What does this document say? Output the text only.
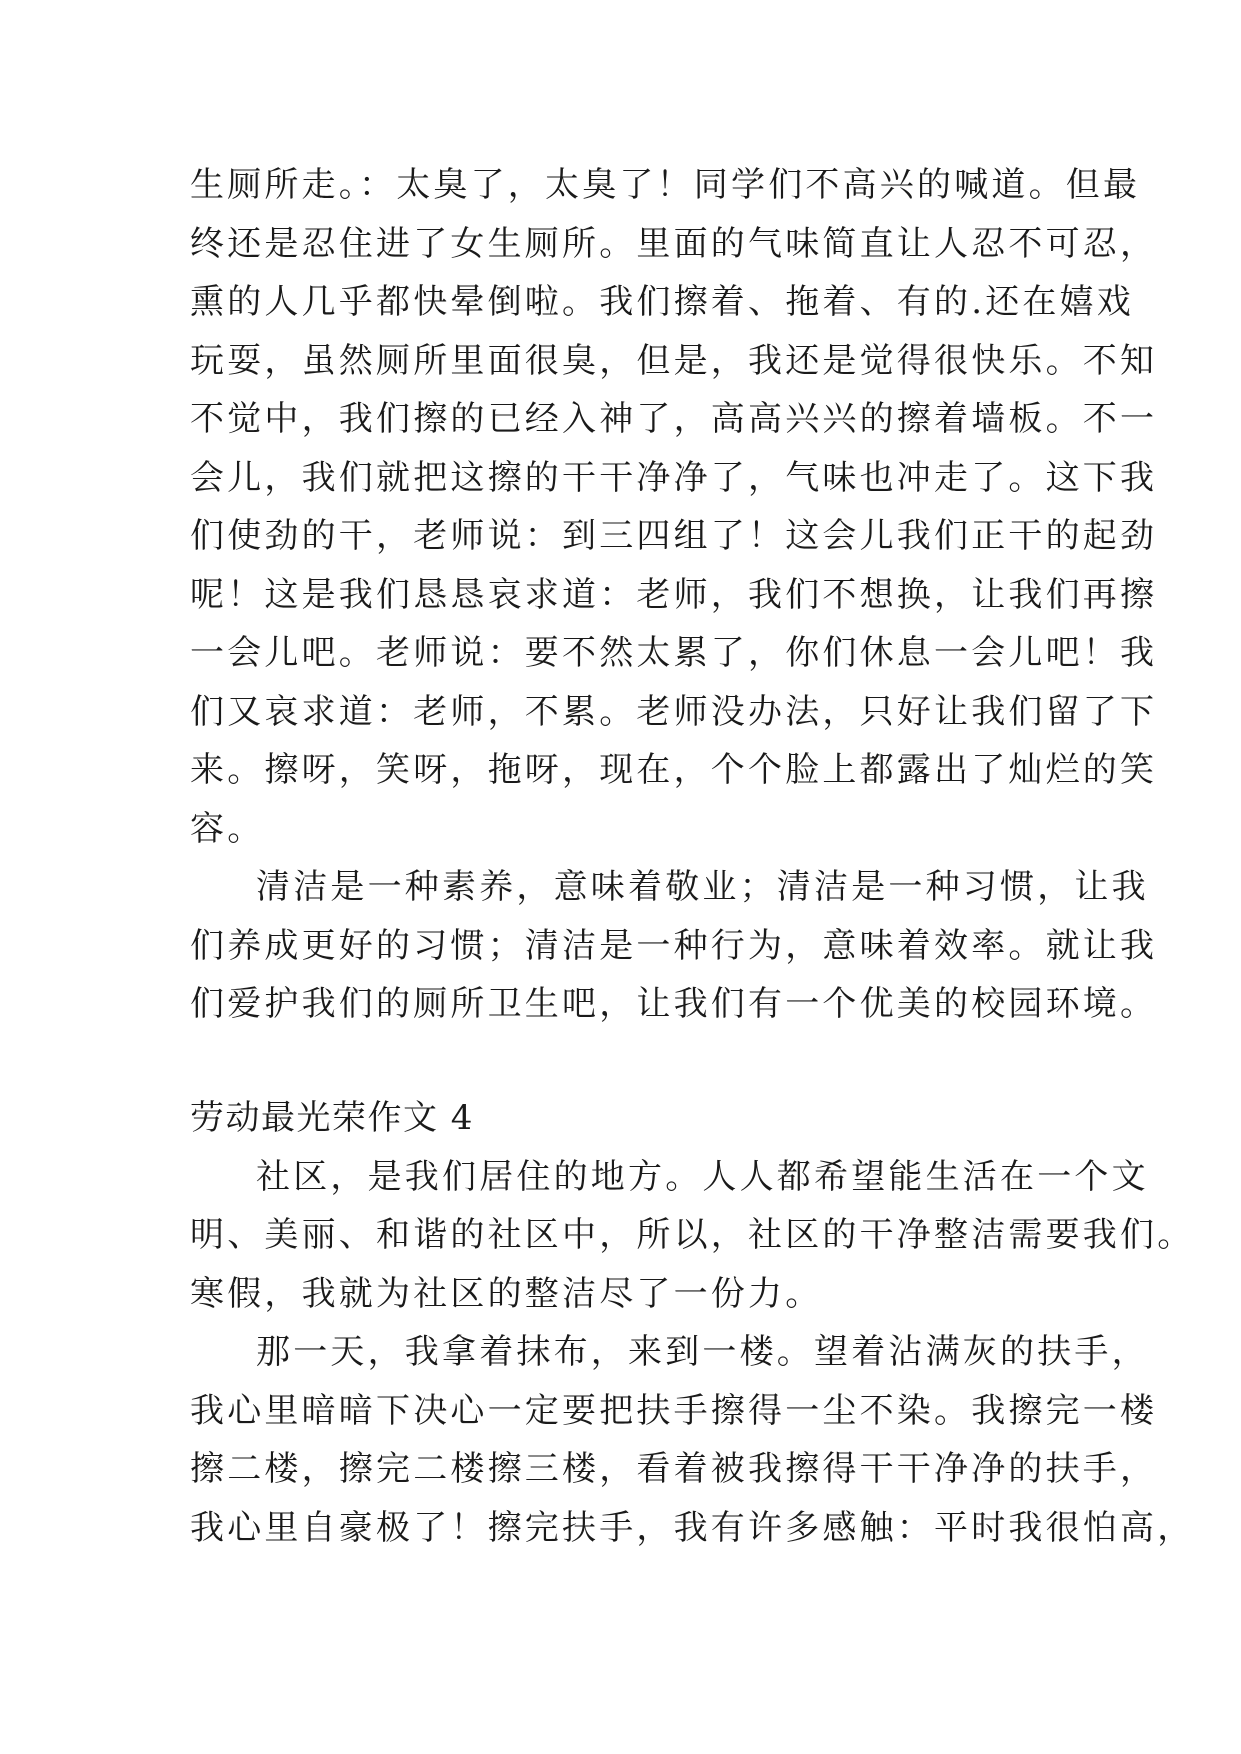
生厕所走。：太臭了，太臭了！同学们不高兴的喊道。但最

终还是忍住进了女生厕所。里面的气味简直让人忍不可忍，

熏的人几乎都快晕倒啦。我们擦着、拖着、有的.还在嬉戏

玩耍，虽然厕所里面很臭，但是，我还是觉得很快乐。不知

不觉中，我们擦的已经入神了，高高兴兴的擦着墙板。不一

会儿，我们就把这擦的干干净净了，气味也冲走了。这下我

们使劲的干，老师说：到三四组了！这会儿我们正干的起劲

呢！这是我们恳恳哀求道：老师，我们不想换，让我们再擦

一会儿吧。老师说：要不然太累了，你们休息一会儿吧！我

们又哀求道：老师，不累。老师没办法，只好让我们留了下

来。擦呀，笑呀，拖呀，现在，个个脸上都露出了灿烂的笑

容。

清洁是一种素养，意味着敬业；清洁是一种习惯，让我

们养成更好的习惯；清洁是一种行为，意味着效率。就让我

们爱护我们的厕所卫生吧，让我们有一个优美的校园环境。

劳动最光荣作文 4

社区，是我们居住的地方。人人都希望能生活在一个文

明、美丽、和谐的社区中，所以，社区的干净整洁需要我们。

寒假，我就为社区的整洁尽了一份力。

那一天，我拿着抹布，来到一楼。望着沾满灰的扶手，

我心里暗暗下决心一定要把扶手擦得一尘不染。我擦完一楼

擦二楼，擦完二楼擦三楼，看着被我擦得干干净净的扶手，

我心里自豪极了！擦完扶手，我有许多感触：平时我很怕高，
